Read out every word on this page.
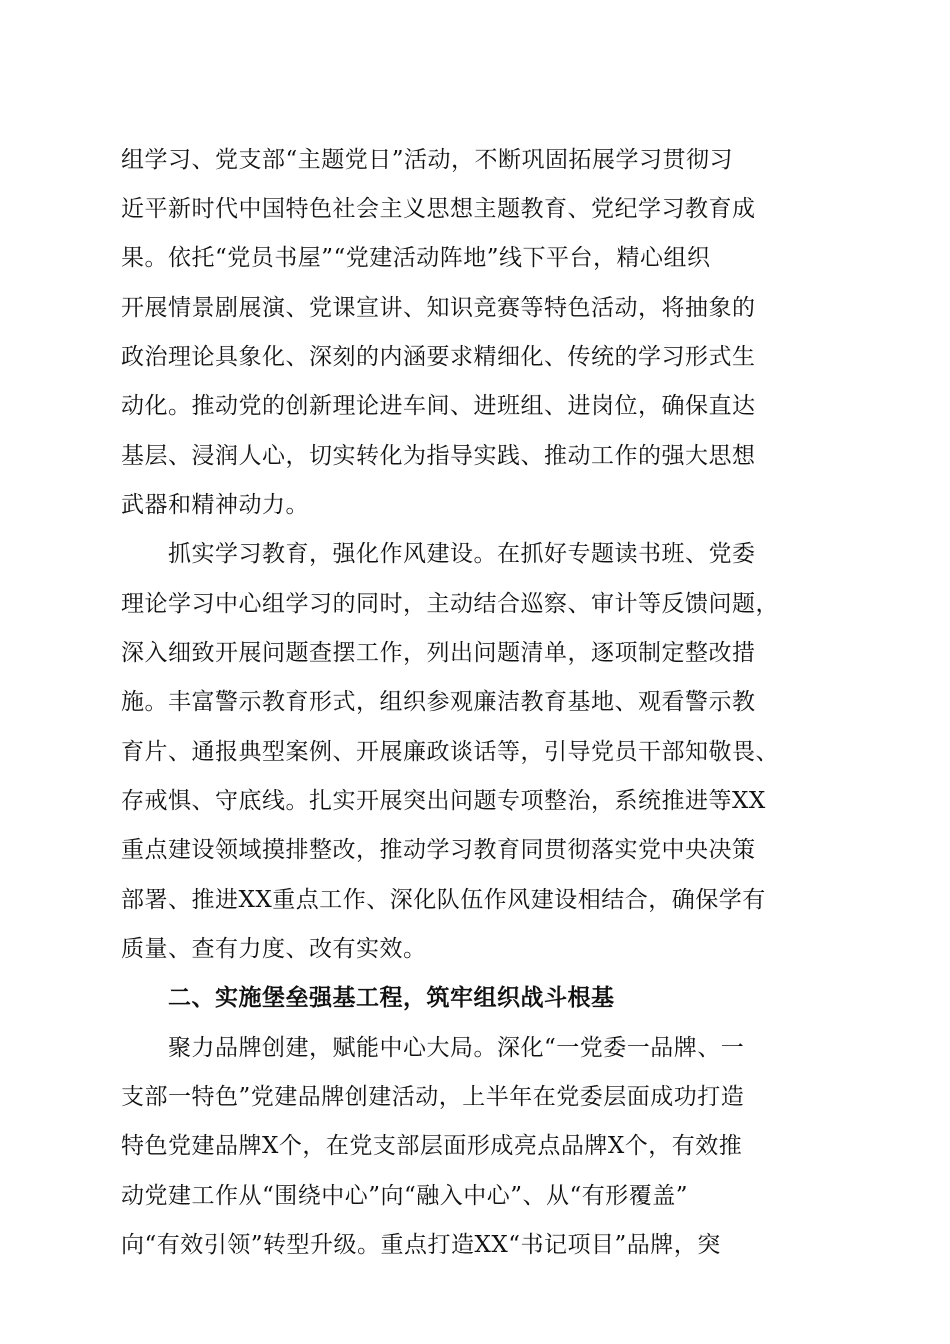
组学习、党支部“主题党日”活动，不断巩固拓展学习贯彻习
近平新时代中国特色社会主义思想主题教育、党纪学习教育成
果。依托“党员书屋”“党建活动阵地”线下平台，精心组织
开展情景剧展演、党课宣讲、知识竞赛等特色活动，将抽象的
政治理论具象化、深刻的内涵要求精细化、传统的学习形式生
动化。推动党的创新理论进车间、进班组、进岗位，确保直达
基层、浸润人心，切实转化为指导实践、推动工作的强大思想
武器和精神动力。
抓实学习教育，强化作风建设。在抓好专题读书班、党委
理论学习中心组学习的同时，主动结合巡察、审计等反馈问题，
深入细致开展问题查摆工作，列出问题清单，逐项制定整改措
施。丰富警示教育形式，组织参观廉洁教育基地、观看警示教
育片、通报典型案例、开展廉政谈话等，引导党员干部知敬畏、
存戒惧、守底线。扎实开展突出问题专项整治，系统推进等XX
重点建设领域摸排整改，推动学习教育同贯彻落实党中央决策
部署、推进XX重点工作、深化队伍作风建设相结合，确保学有
质量、查有力度、改有实效。
二、实施堡垒强基工程，筑牢组织战斗根基
聚力品牌创建，赋能中心大局。深化“一党委一品牌、一
支部一特色”党建品牌创建活动，上半年在党委层面成功打造
特色党建品牌X个，在党支部层面形成亮点品牌X个，有效推
动党建工作从“围绕中心”向“融入中心”、从“有形覆盖”
向“有效引领”转型升级。重点打造XX“书记项目”品牌，突
